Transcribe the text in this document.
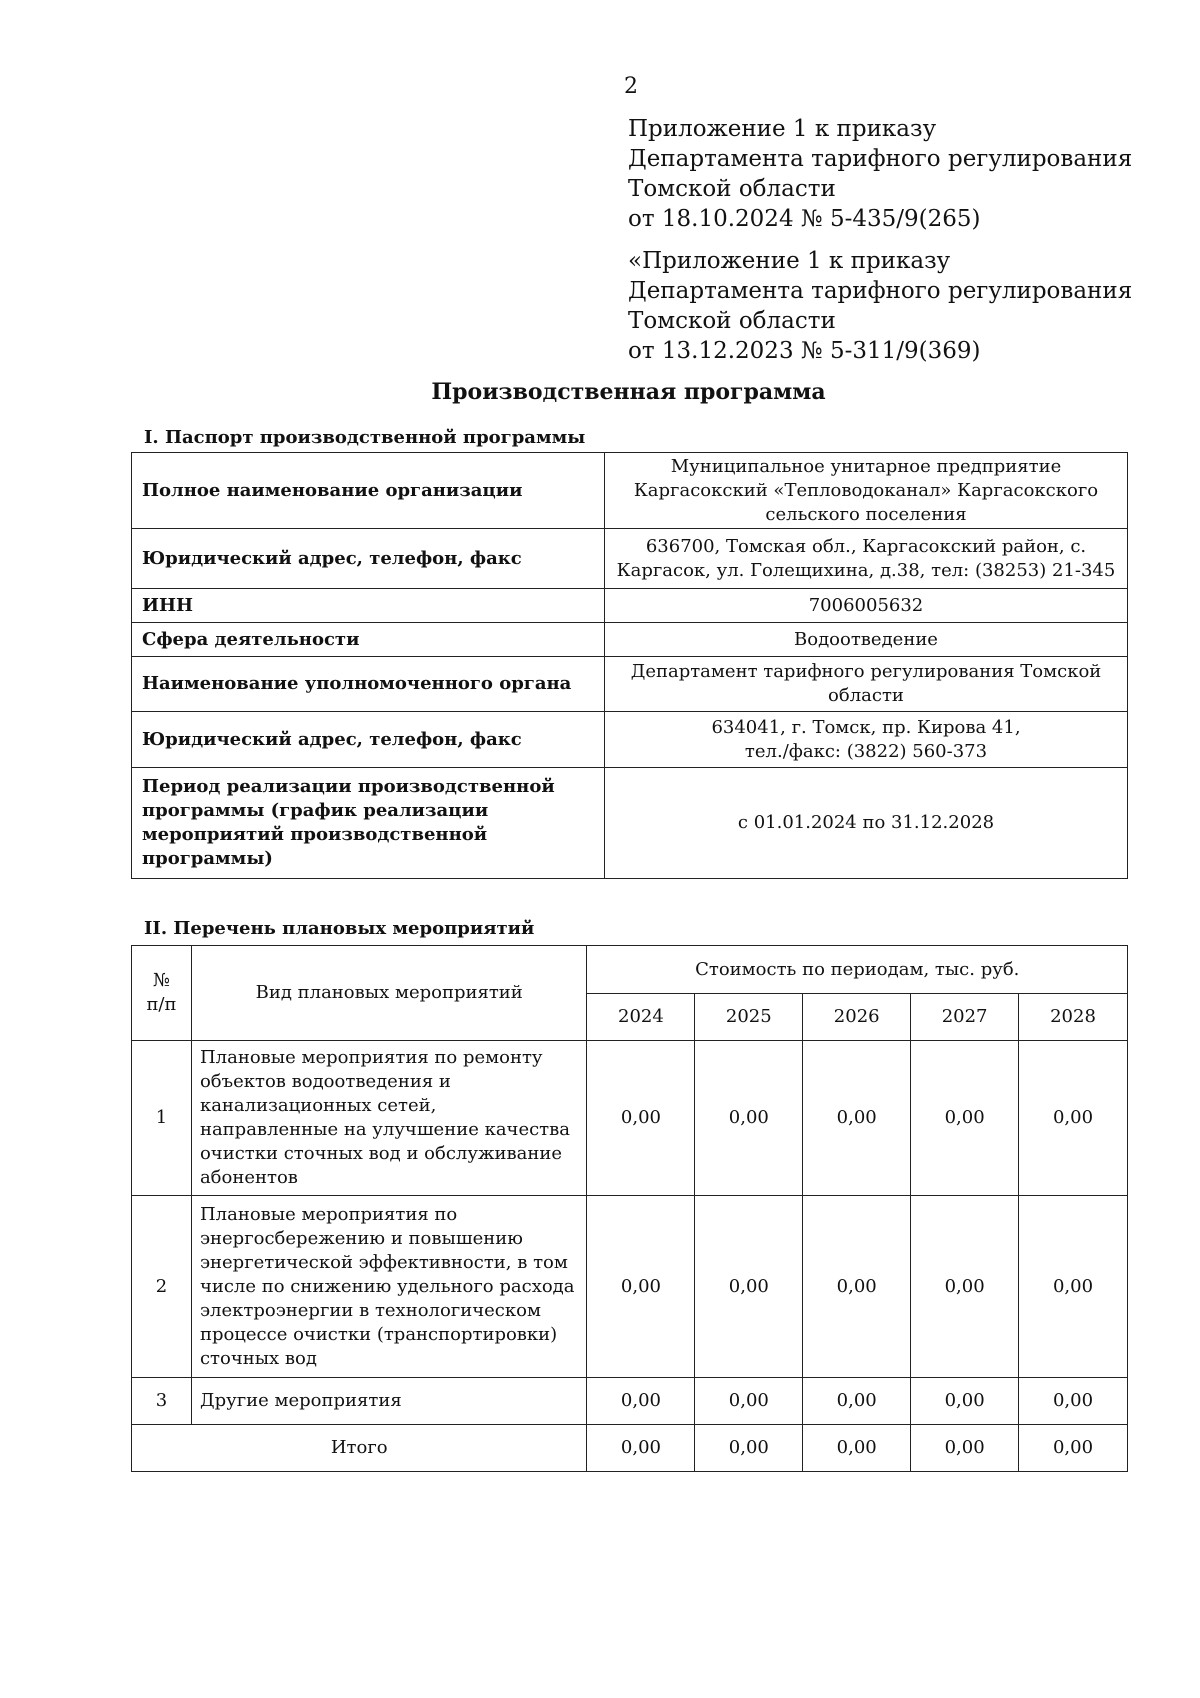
2
Приложение 1 к приказу
Департамента тарифного регулирования
Томской области
от 18.10.2024 № 5-435/9(265)
«Приложение 1 к приказу
Департамента тарифного регулирования
Томской области
от 13.12.2023 № 5-311/9(369)
Производственная программа
I. Паспорт производственной программы
Полное наименование организации	Муниципальное унитарное предприятие
Каргасокский «Тепловодоканал» Каргасокского
сельского поселения

Юридический адрес, телефон, факс	636700, Томская обл., Каргасокский район, с.
Каргасок, ул. Голещихина, д.38, тел: (38253) 21-345

ИНН	7006005632

Сфера деятельности	Водоотведение

Наименование уполномоченного органа	Департамент тарифного регулирования Томской
области

Юридический адрес, телефон, факс	634041, г. Томск, пр. Кирова 41,
тел./факс: (3822) 560-373

Период реализации производственной программы (график реализации мероприятий производственной программы)	с 01.01.2024 по 31.12.2028
II. Перечень плановых мероприятий
№ п/п	Вид плановых мероприятий	Стоимость по периодам, тыс. руб.				
		2024	2025	2026	2027	2028
1	Плановые мероприятия по ремонту объектов водоотведения и канализационных сетей, направленные на улучшение качества очистки сточных вод и обслуживание абонентов	0,00	0,00	0,00	0,00	0,00
2	Плановые мероприятия по энергосбережению и повышению энергетической эффективности, в том числе по снижению удельного расхода электроэнергии в технологическом процессе очистки (транспортировки) сточных вод	0,00	0,00	0,00	0,00	0,00
3	Другие мероприятия	0,00	0,00	0,00	0,00	0,00
Итого		0,00	0,00	0,00	0,00	0,00
